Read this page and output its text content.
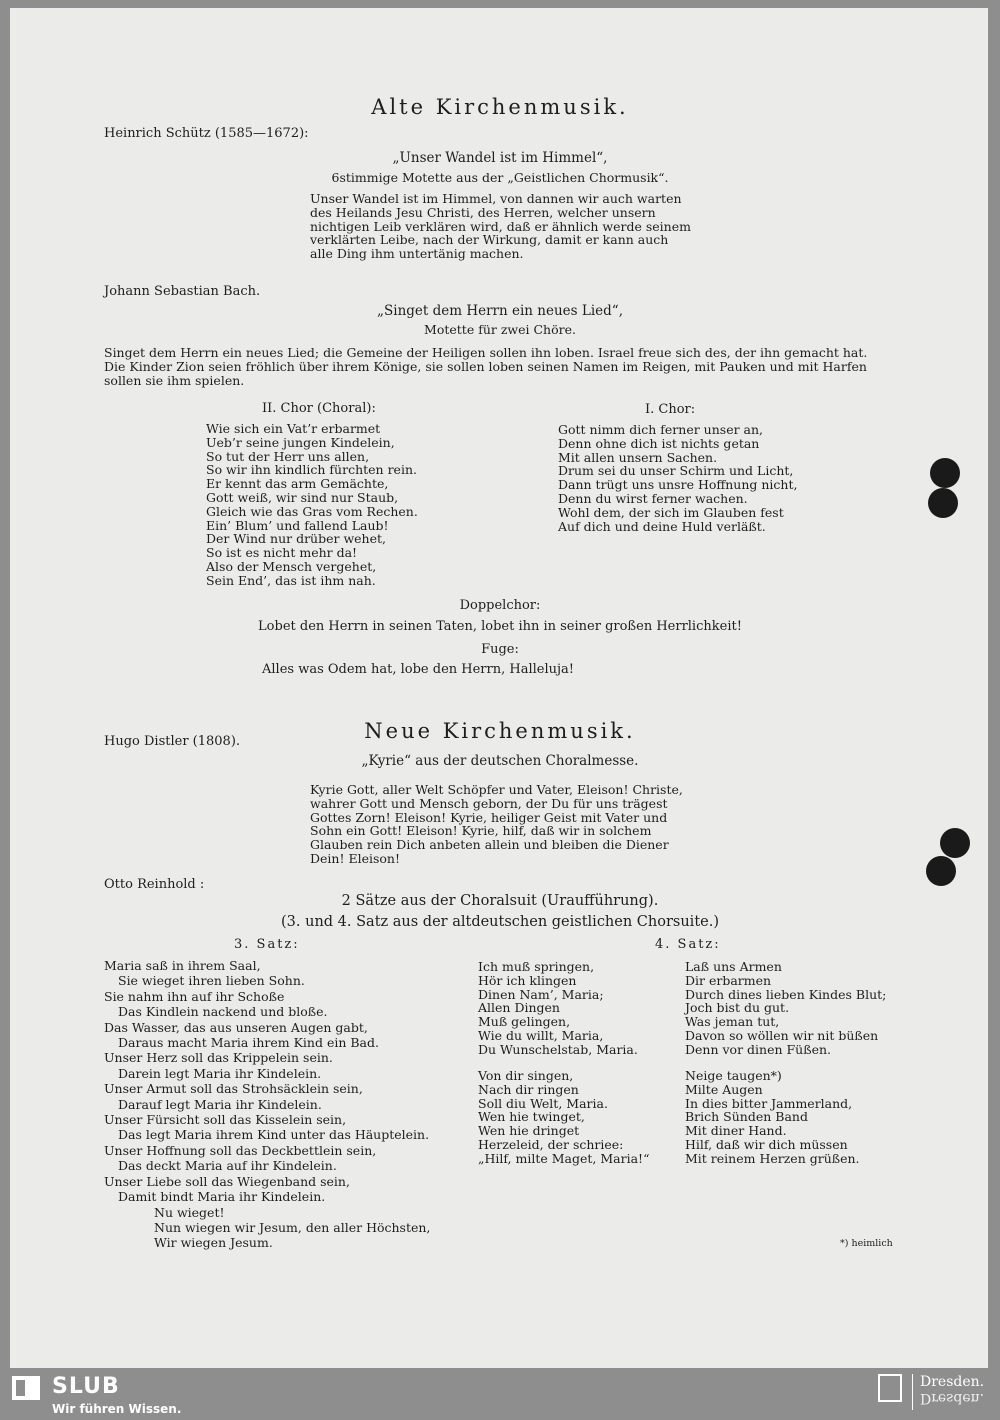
Alte Kirchenmusik.
Heinrich Schütz (1585—1672):
„Unser Wandel ist im Himmel“,
6stimmige Motette aus der „Geistlichen Chormusik“.
Unser Wandel ist im Himmel, von dannen wir auch warten
des Heilands Jesu Christi, des Herren, welcher unsern
nichtigen Leib verklären wird, daß er ähnlich werde seinem
verklärten Leibe, nach der Wirkung, damit er kann auch
alle Ding ihm untertänig machen.
Johann Sebastian Bach.
„Singet dem Herrn ein neues Lied“,
Motette für zwei Chöre.
Singet dem Herrn ein neues Lied; die Gemeine der Heiligen sollen ihn loben. Israel freue sich des, der ihn gemacht hat.
Die Kinder Zion seien fröhlich über ihrem Könige, sie sollen loben seinen Namen im Reigen, mit Pauken und mit Harfen
sollen sie ihm spielen.
II. Chor (Choral):
Wie sich ein Vat’r erbarmet
Ueb’r seine jungen Kindelein,
So tut der Herr uns allen,
So wir ihn kindlich fürchten rein.
Er kennt das arm Gemächte,
Gott weiß, wir sind nur Staub,
Gleich wie das Gras vom Rechen.
Ein’ Blum’ und fallend Laub!
Der Wind nur drüber wehet,
So ist es nicht mehr da!
Also der Mensch vergehet,
Sein End’, das ist ihm nah.
I. Chor:
Gott nimm dich ferner unser an,
Denn ohne dich ist nichts getan
Mit allen unsern Sachen.
Drum sei du unser Schirm und Licht,
Dann trügt uns unsre Hoffnung nicht,
Denn du wirst ferner wachen.
Wohl dem, der sich im Glauben fest
Auf dich und deine Huld verläßt.
Doppelchor:
Lobet den Herrn in seinen Taten, lobet ihn in seiner großen Herrlichkeit!
Fuge:
Alles was Odem hat, lobe den Herrn, Halleluja!
Neue Kirchenmusik.
Hugo Distler (1808).
„Kyrie“ aus der deutschen Choralmesse.
Kyrie Gott, aller Welt Schöpfer und Vater, Eleison! Christe,
wahrer Gott und Mensch geborn, der Du für uns trägest
Gottes Zorn! Eleison! Kyrie, heiliger Geist mit Vater und
Sohn ein Gott! Eleison! Kyrie, hilf, daß wir in solchem
Glauben rein Dich anbeten allein und bleiben die Diener
Dein! Eleison!
Otto Reinhold :
2 Sätze aus der Choralsuit (Uraufführung).
(3. und 4. Satz aus der altdeutschen geistlichen Chorsuite.)
3. Satz:
Maria saß in ihrem Saal,
Sie wieget ihren lieben Sohn.
Sie nahm ihn auf ihr Schoße
Das Kindlein nackend und bloße.
Das Wasser, das aus unseren Augen gabt,
Daraus macht Maria ihrem Kind ein Bad.
Unser Herz soll das Krippelein sein.
Darein legt Maria ihr Kindelein.
Unser Armut soll das Strohsäcklein sein,
Darauf legt Maria ihr Kindelein.
Unser Fürsicht soll das Kisselein sein,
Das legt Maria ihrem Kind unter das Häuptelein.
Unser Hoffnung soll das Deckbettlein sein,
Das deckt Maria auf ihr Kindelein.
Unser Liebe soll das Wiegenband sein,
Damit bindt Maria ihr Kindelein.
Nu wieget!
Nun wiegen wir Jesum, den aller Höchsten,
Wir wiegen Jesum.
4. Satz:
Ich muß springen,
Hör ich klingen
Dinen Nam’, Maria;
Allen Dingen
Muß gelingen,
Wie du willt, Maria,
Du Wunschelstab, Maria.
Von dir singen,
Nach dir ringen
Soll diu Welt, Maria.
Wen hie twinget,
Wen hie dringet
Herzeleid, der schriee:
„Hilf, milte Maget, Maria!“
Laß uns Armen
Dir erbarmen
Durch dines lieben Kindes Blut;
Joch bist du gut.
Was jeman tut,
Davon so wöllen wir nit büßen
Denn vor dinen Füßen.
Neige taugen*)
Milte Augen
In dies bitter Jammerland,
Brich Sünden Band
Mit diner Hand.
Hilf, daß wir dich müssen
Mit reinem Herzen grüßen.
*) heimlich
SLUB
Wir führen Wissen.
Dresden.
Dresden.
